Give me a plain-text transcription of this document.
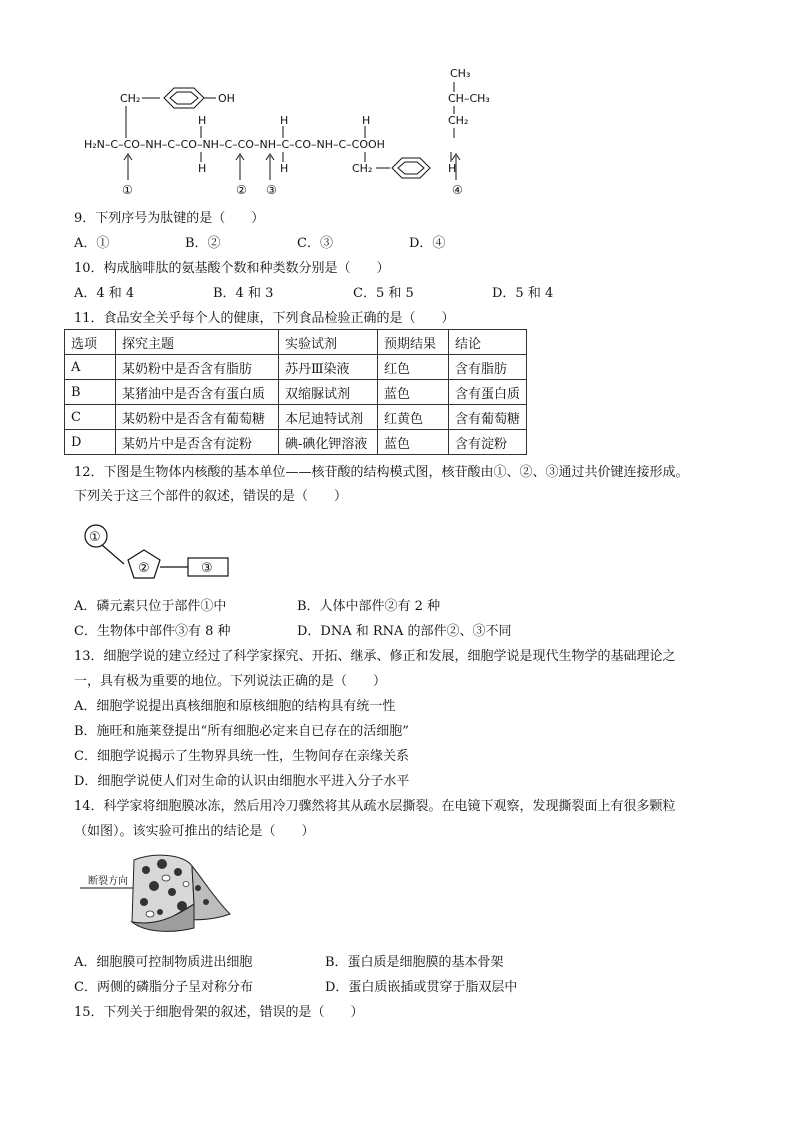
CH₃
CH–CH₃
CH₂
CH₂	OH
H₂N–C–CO–NH–C–CO–NH–C–CO–NH–C–CO–NH–C–COOH
H	H	H
H	H	H
CH₂
①	② ③	④
9．下列序号为肽键的是（　　）
A．①	B．②	C．③	D．④
10．构成脑啡肽的氨基酸个数和种类数分别是（　　）
A．4 和 4	B．4 和 3	C．5 和 5	D．5 和 4
11．食品安全关乎每个人的健康，下列食品检验正确的是（　　）
选项	探究主题	实验试剂	预期结果	结论
A	某奶粉中是否含有脂肪	苏丹Ⅲ染液	红色	含有脂肪
B	某猪油中是否含有蛋白质	双缩脲试剂	蓝色	含有蛋白质
C	某奶粉中是否含有葡萄糖	本尼迪特试剂	红黄色	含有葡萄糖
D	某奶片中是否含有淀粉	碘-碘化钾溶液	蓝色	含有淀粉
12．下图是生物体内核酸的基本单位——核苷酸的结构模式图，核苷酸由①、②、③通过共价键连接形成。
下列关于这三个部件的叙述，错误的是（　　）
①
②	③
A．磷元素只位于部件①中	B．人体中部件②有 2 种
C．生物体中部件③有 8 种	D．DNA 和 RNA 的部件②、③不同
13．细胞学说的建立经过了科学家探究、开拓、继承、修正和发展，细胞学说是现代生物学的基础理论之
一，具有极为重要的地位。下列说法正确的是（　　）
A．细胞学说提出真核细胞和原核细胞的结构具有统一性
B．施旺和施莱登提出“所有细胞必定来自已存在的活细胞”
C．细胞学说揭示了生物界具统一性，生物间存在亲缘关系
D．细胞学说使人们对生命的认识由细胞水平进入分子水平
14．科学家将细胞膜冰冻，然后用冷刀骤然将其从疏水层撕裂。在电镜下观察，发现撕裂面上有很多颗粒
（如图）。该实验可推出的结论是（　　）
断裂方向
A．细胞膜可控制物质进出细胞	B．蛋白质是细胞膜的基本骨架
C．两侧的磷脂分子呈对称分布	D．蛋白质嵌插或贯穿于脂双层中
15．下列关于细胞骨架的叙述，错误的是（　　）
